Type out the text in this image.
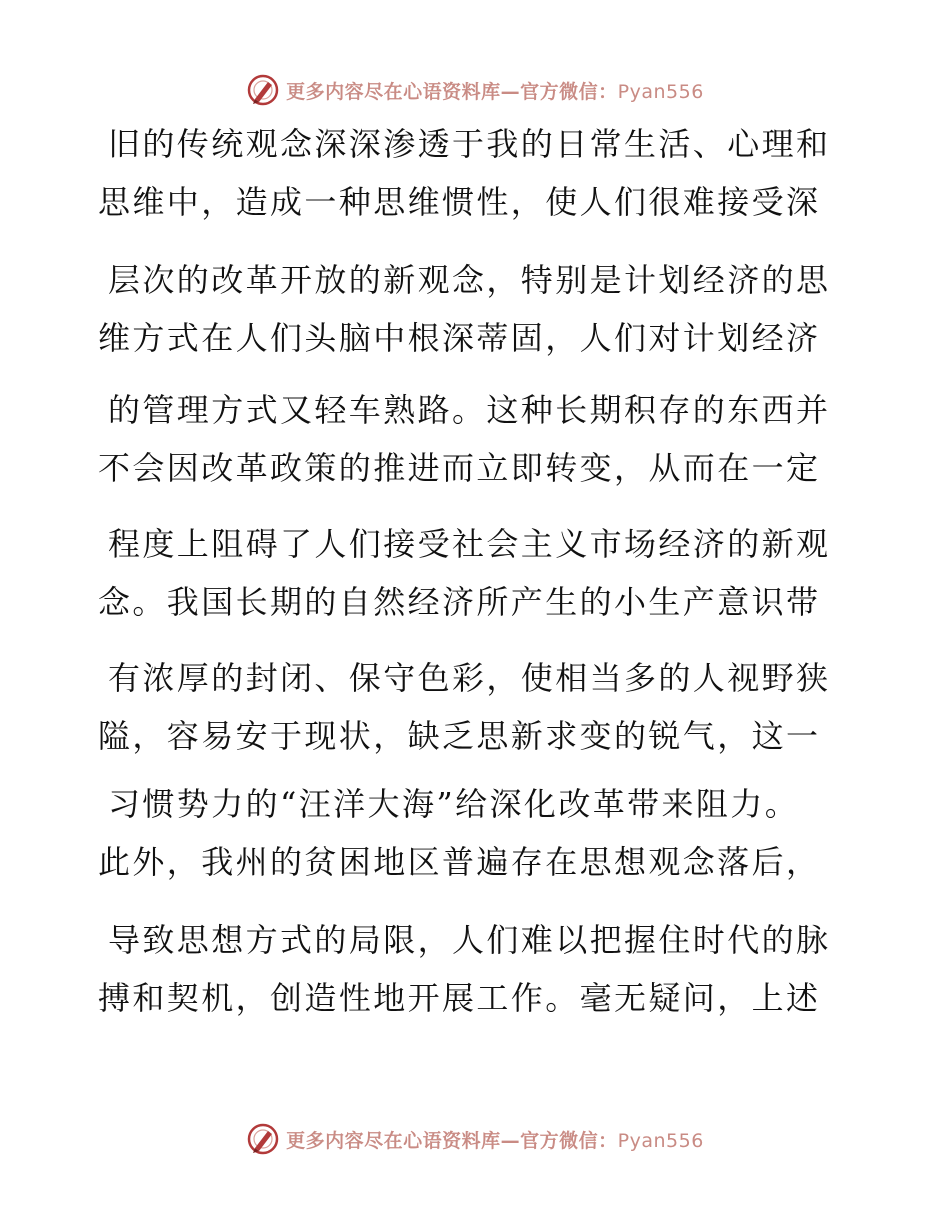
更多内容尽在心语资料库—官方微信：Pyan556
旧的传统观念深深渗透于我的日常生活、心理和
思维中，造成一种思维惯性，使人们很难接受深
层次的改革开放的新观念，特别是计划经济的思
维方式在人们头脑中根深蒂固，人们对计划经济
的管理方式又轻车熟路。这种长期积存的东西并
不会因改革政策的推进而立即转变，从而在一定
程度上阻碍了人们接受社会主义市场经济的新观
念。我国长期的自然经济所产生的小生产意识带
有浓厚的封闭、保守色彩，使相当多的人视野狭
隘，容易安于现状，缺乏思新求变的锐气，这一
习惯势力的“汪洋大海”给深化改革带来阻力。
此外，我州的贫困地区普遍存在思想观念落后，
导致思想方式的局限，人们难以把握住时代的脉
搏和契机，创造性地开展工作。毫无疑问，上述
更多内容尽在心语资料库—官方微信：Pyan556
